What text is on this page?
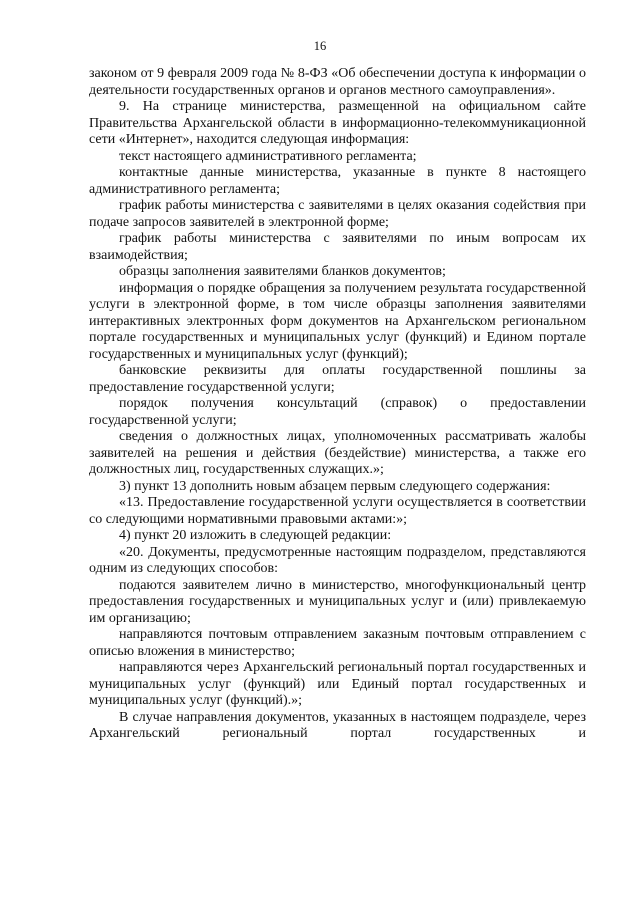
16

законом от 9 февраля 2009 года № 8-ФЗ «Об обеспечении доступа к информации о деятельности государственных органов и органов местного самоуправления».

9. На странице министерства, размещенной на официальном сайте Правительства Архангельской области в информационно-телекоммуникационной сети «Интернет», находится следующая информация:

текст настоящего административного регламента;

контактные данные министерства, указанные в пункте 8 настоящего административного регламента;

график работы министерства с заявителями в целях оказания содействия при подаче запросов заявителей в электронной форме;

график работы министерства с заявителями по иным вопросам их взаимодействия;

образцы заполнения заявителями бланков документов;

информация о порядке обращения за получением результата государственной услуги в электронной форме, в том числе образцы заполнения заявителями интерактивных электронных форм документов на Архангельском региональном портале государственных и муниципальных услуг (функций) и Едином портале государственных и муниципальных услуг (функций);

банковские реквизиты для оплаты государственной пошлины за предоставление государственной услуги;

порядок получения консультаций (справок) о предоставлении государственной услуги;

сведения о должностных лицах, уполномоченных рассматривать жалобы заявителей на решения и действия (бездействие) министерства, а также его должностных лиц, государственных служащих.»;

3) пункт 13 дополнить новым абзацем первым следующего содержания:

«13. Предоставление государственной услуги осуществляется в соответствии со следующими нормативными правовыми актами:»;

4) пункт 20 изложить в следующей редакции:

«20. Документы, предусмотренные настоящим подразделом, представляются одним из следующих способов:

подаются заявителем лично в министерство, многофункциональный центр предоставления государственных и муниципальных услуг и (или) привлекаемую им организацию;

направляются почтовым отправлением заказным почтовым отправлением с описью вложения в министерство;

направляются через Архангельский региональный портал государственных и муниципальных услуг (функций) или Единый портал государственных и муниципальных услуг (функций).»;

В случае направления документов, указанных в настоящем подразделе, через Архангельский региональный портал государственных и
